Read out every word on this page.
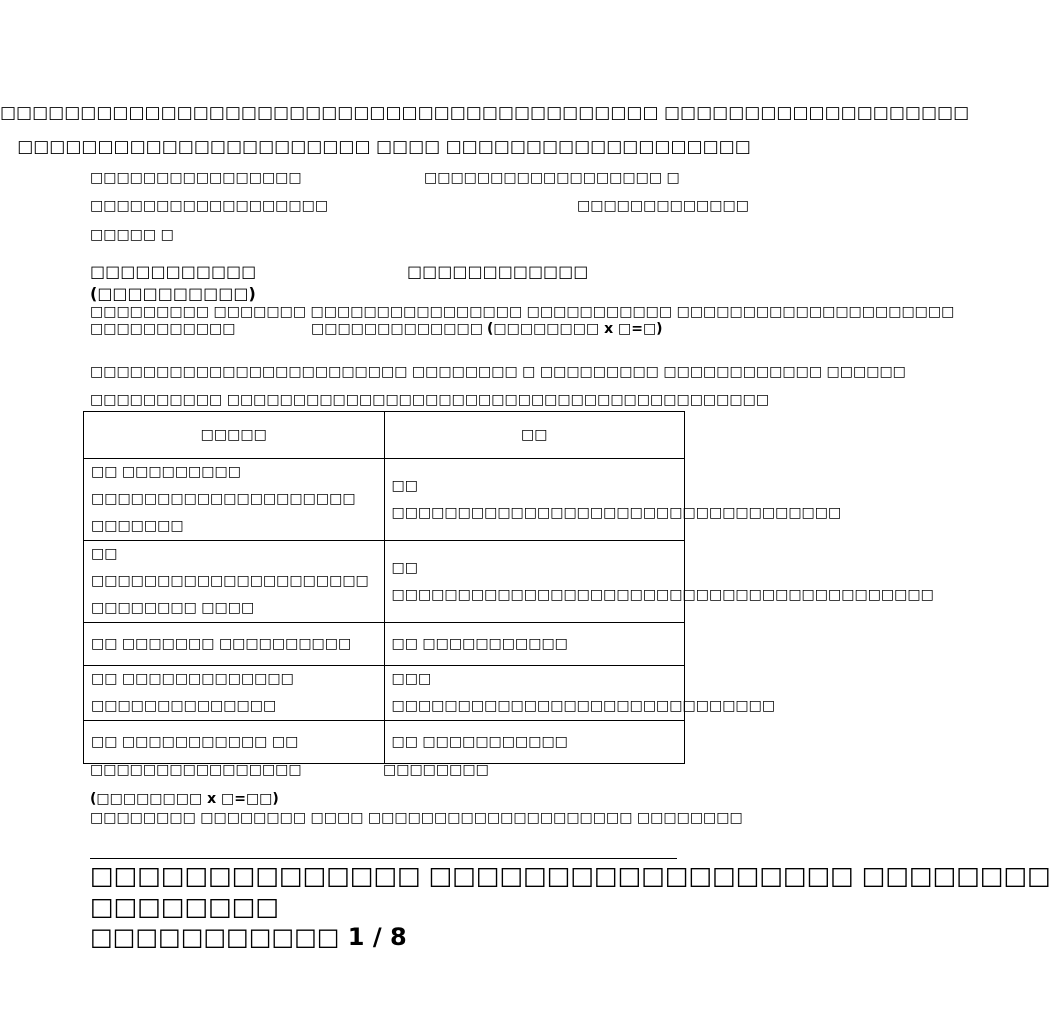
□□□□□□□□□□□□□□□□□□□□□□□□□□□□□□□□□□□□□□□□□ □□□□□□□□□□□□□□□□□□□
□□□□□□□□□□□□□□□□□□□□□□ □□□□ □□□□□□□□□□□□□□□□□□□
□□□□□□□□□□□□□□□□	□□□□□□□□□□□□□□□□□□ □
□□□□□□□□□□□□□□□□□□	□□□□□□□□□□□□□
□□□□□ □
□□□□□□□□□□□	□□□□□□□□□□□□
(□□□□□□□□□□)
□□□□□□□□□ □□□□□□□ □□□□□□□□□□□□□□□□ □□□□□□□□□□□ □□□□□□□□□□□□□□□□□□□□□
□□□□□□□□□□□	□□□□□□□□□□□□□ (□□□□□□□□ x □=□)
□□□□□□□□□□□□□□□□□□□□□□□□ □□□□□□□□ □ □□□□□□□□□ □□□□□□□□□□□□ □□□□□□
□□□□□□□□□□ □□□□□□□□□□□□□□□□□□□□□□□□□□□□□□□□□□□□□□□□□
□□□□□	□□
□□ □□□□□□□□□ □□□□□□□□□□□□□□□□□□□□ □□□□□□□	□□ □□□□□□□□□□□□□□□□□□□□□□□□□□□□□□□□□□
□□ □□□□□□□□□□□□□□□□□□□□□ □□□□□□□□ □□□□	□□ □□□□□□□□□□□□□□□□□□□□□□□□□□□□□□□□□□□□□□□□□
□□ □□□□□□□ □□□□□□□□□□	□□ □□□□□□□□□□□
□□ □□□□□□□□□□□□□ □□□□□□□□□□□□□□	□□□ □□□□□□□□□□□□□□□□□□□□□□□□□□□□□
□□ □□□□□□□□□□□ □□	□□ □□□□□□□□□□□
□□□□□□□□□□□□□□□□	□□□□□□□□
(□□□□□□□□ x □=□□)
□□□□□□□□ □□□□□□□□ □□□□ □□□□□□□□□□□□□□□□□□□□ □□□□□□□□
□□□□□□□□□□□□□□ □□□□□□□□□□□□□□□□□□ □□□□□□□□
□□□□□□□□
□□□□□□□□□□□ 1 / 8
